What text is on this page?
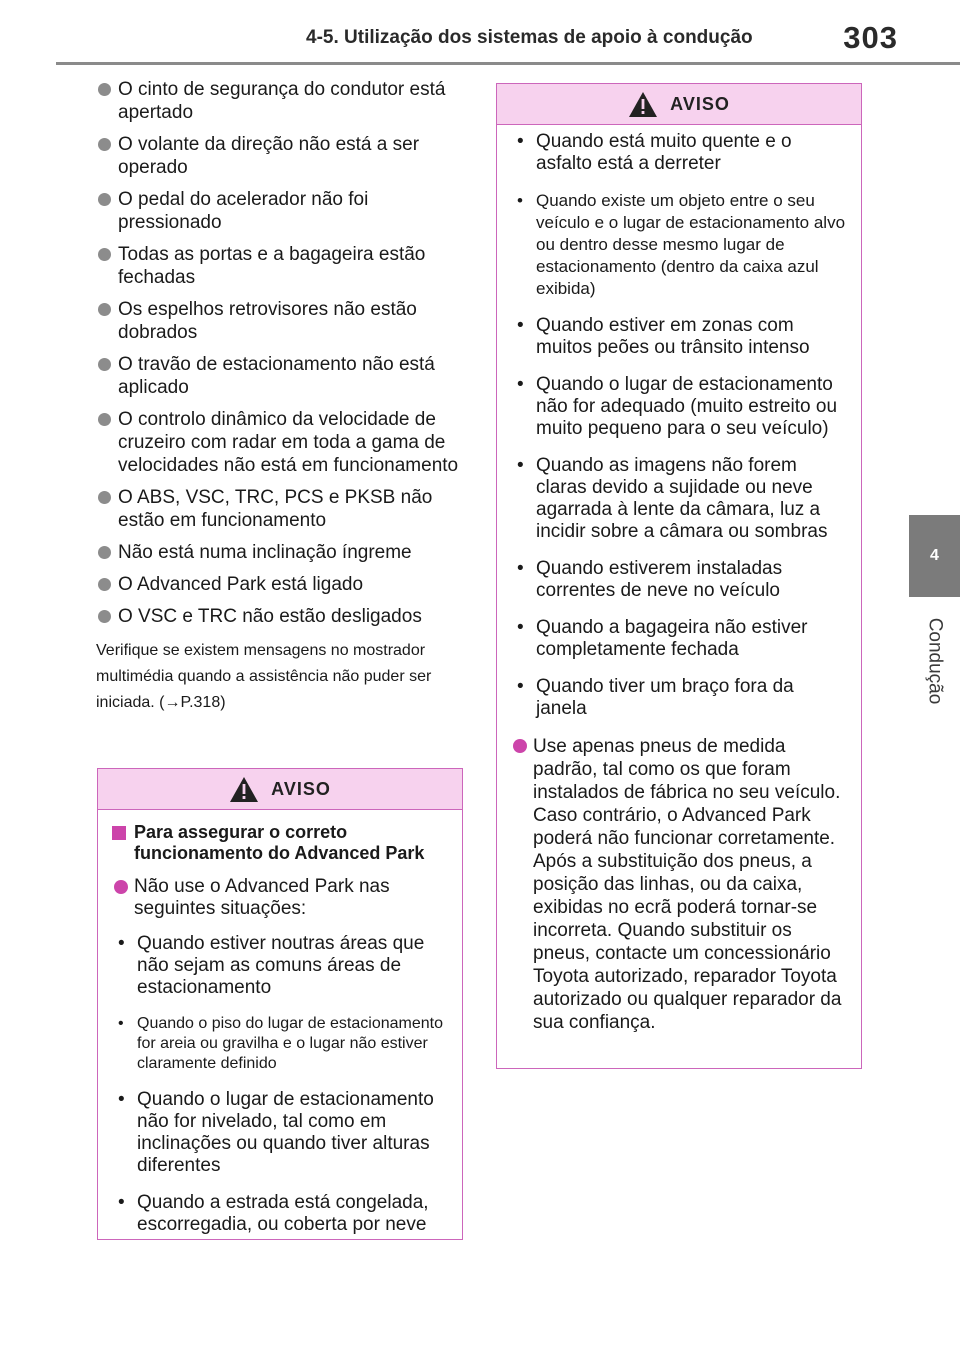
4-5. Utilização dos sistemas de apoio à condução	303
4
Condução
O cinto de segurança do condutor está apertado
O volante da direção não está a ser operado
O pedal do acelerador não foi pressionado
Todas as portas e a bagageira estão fechadas
Os espelhos retrovisores não estão dobrados
O travão de estacionamento não está aplicado
O controlo dinâmico da velocidade de cruzeiro com radar em toda a gama de velocidades não está em funcionamento
O ABS, VSC, TRC, PCS e PKSB não estão em funcionamento
Não está numa inclinação íngreme
O Advanced Park está ligado
O VSC e TRC não estão desligados

Verifique se existem mensagens no mostrador multimédia quando a assistência não puder ser iniciada. (→P.318)

AVISO
Para assegurar o correto funcionamento do Advanced Park
Não use o Advanced Park nas seguintes situações:
• Quando estiver noutras áreas que não sejam as comuns áreas de estacionamento
• Quando o piso do lugar de estacionamento for areia ou gravilha e o lugar não estiver claramente definido
• Quando o lugar de estacionamento não for nivelado, tal como em inclinações ou quando tiver alturas diferentes
• Quando a estrada está congelada, escorregadia, ou coberta por neve
AVISO
• Quando está muito quente e o asfalto está a derreter
• Quando existe um objeto entre o seu veículo e o lugar de estacionamento alvo ou dentro desse mesmo lugar de estacionamento (dentro da caixa azul exibida)
• Quando estiver em zonas com muitos peões ou trânsito intenso
• Quando o lugar de estacionamento não for adequado (muito estreito ou muito pequeno para o seu veículo)
• Quando as imagens não forem claras devido a sujidade ou neve agarrada à lente da câmara, luz a incidir sobre a câmara ou sombras
• Quando estiverem instaladas correntes de neve no veículo
• Quando a bagageira não estiver completamente fechada
• Quando tiver um braço fora da janela
Use apenas pneus de medida padrão, tal como os que foram instalados de fábrica no seu veículo. Caso contrário, o Advanced Park poderá não funcionar corretamente. Após a substituição dos pneus, a posição das linhas, ou da caixa, exibidas no ecrã poderá tornar-se incorreta. Quando substituir os pneus, contacte um concessionário Toyota autorizado, reparador Toyota autorizado ou qualquer reparador da sua confiança.
